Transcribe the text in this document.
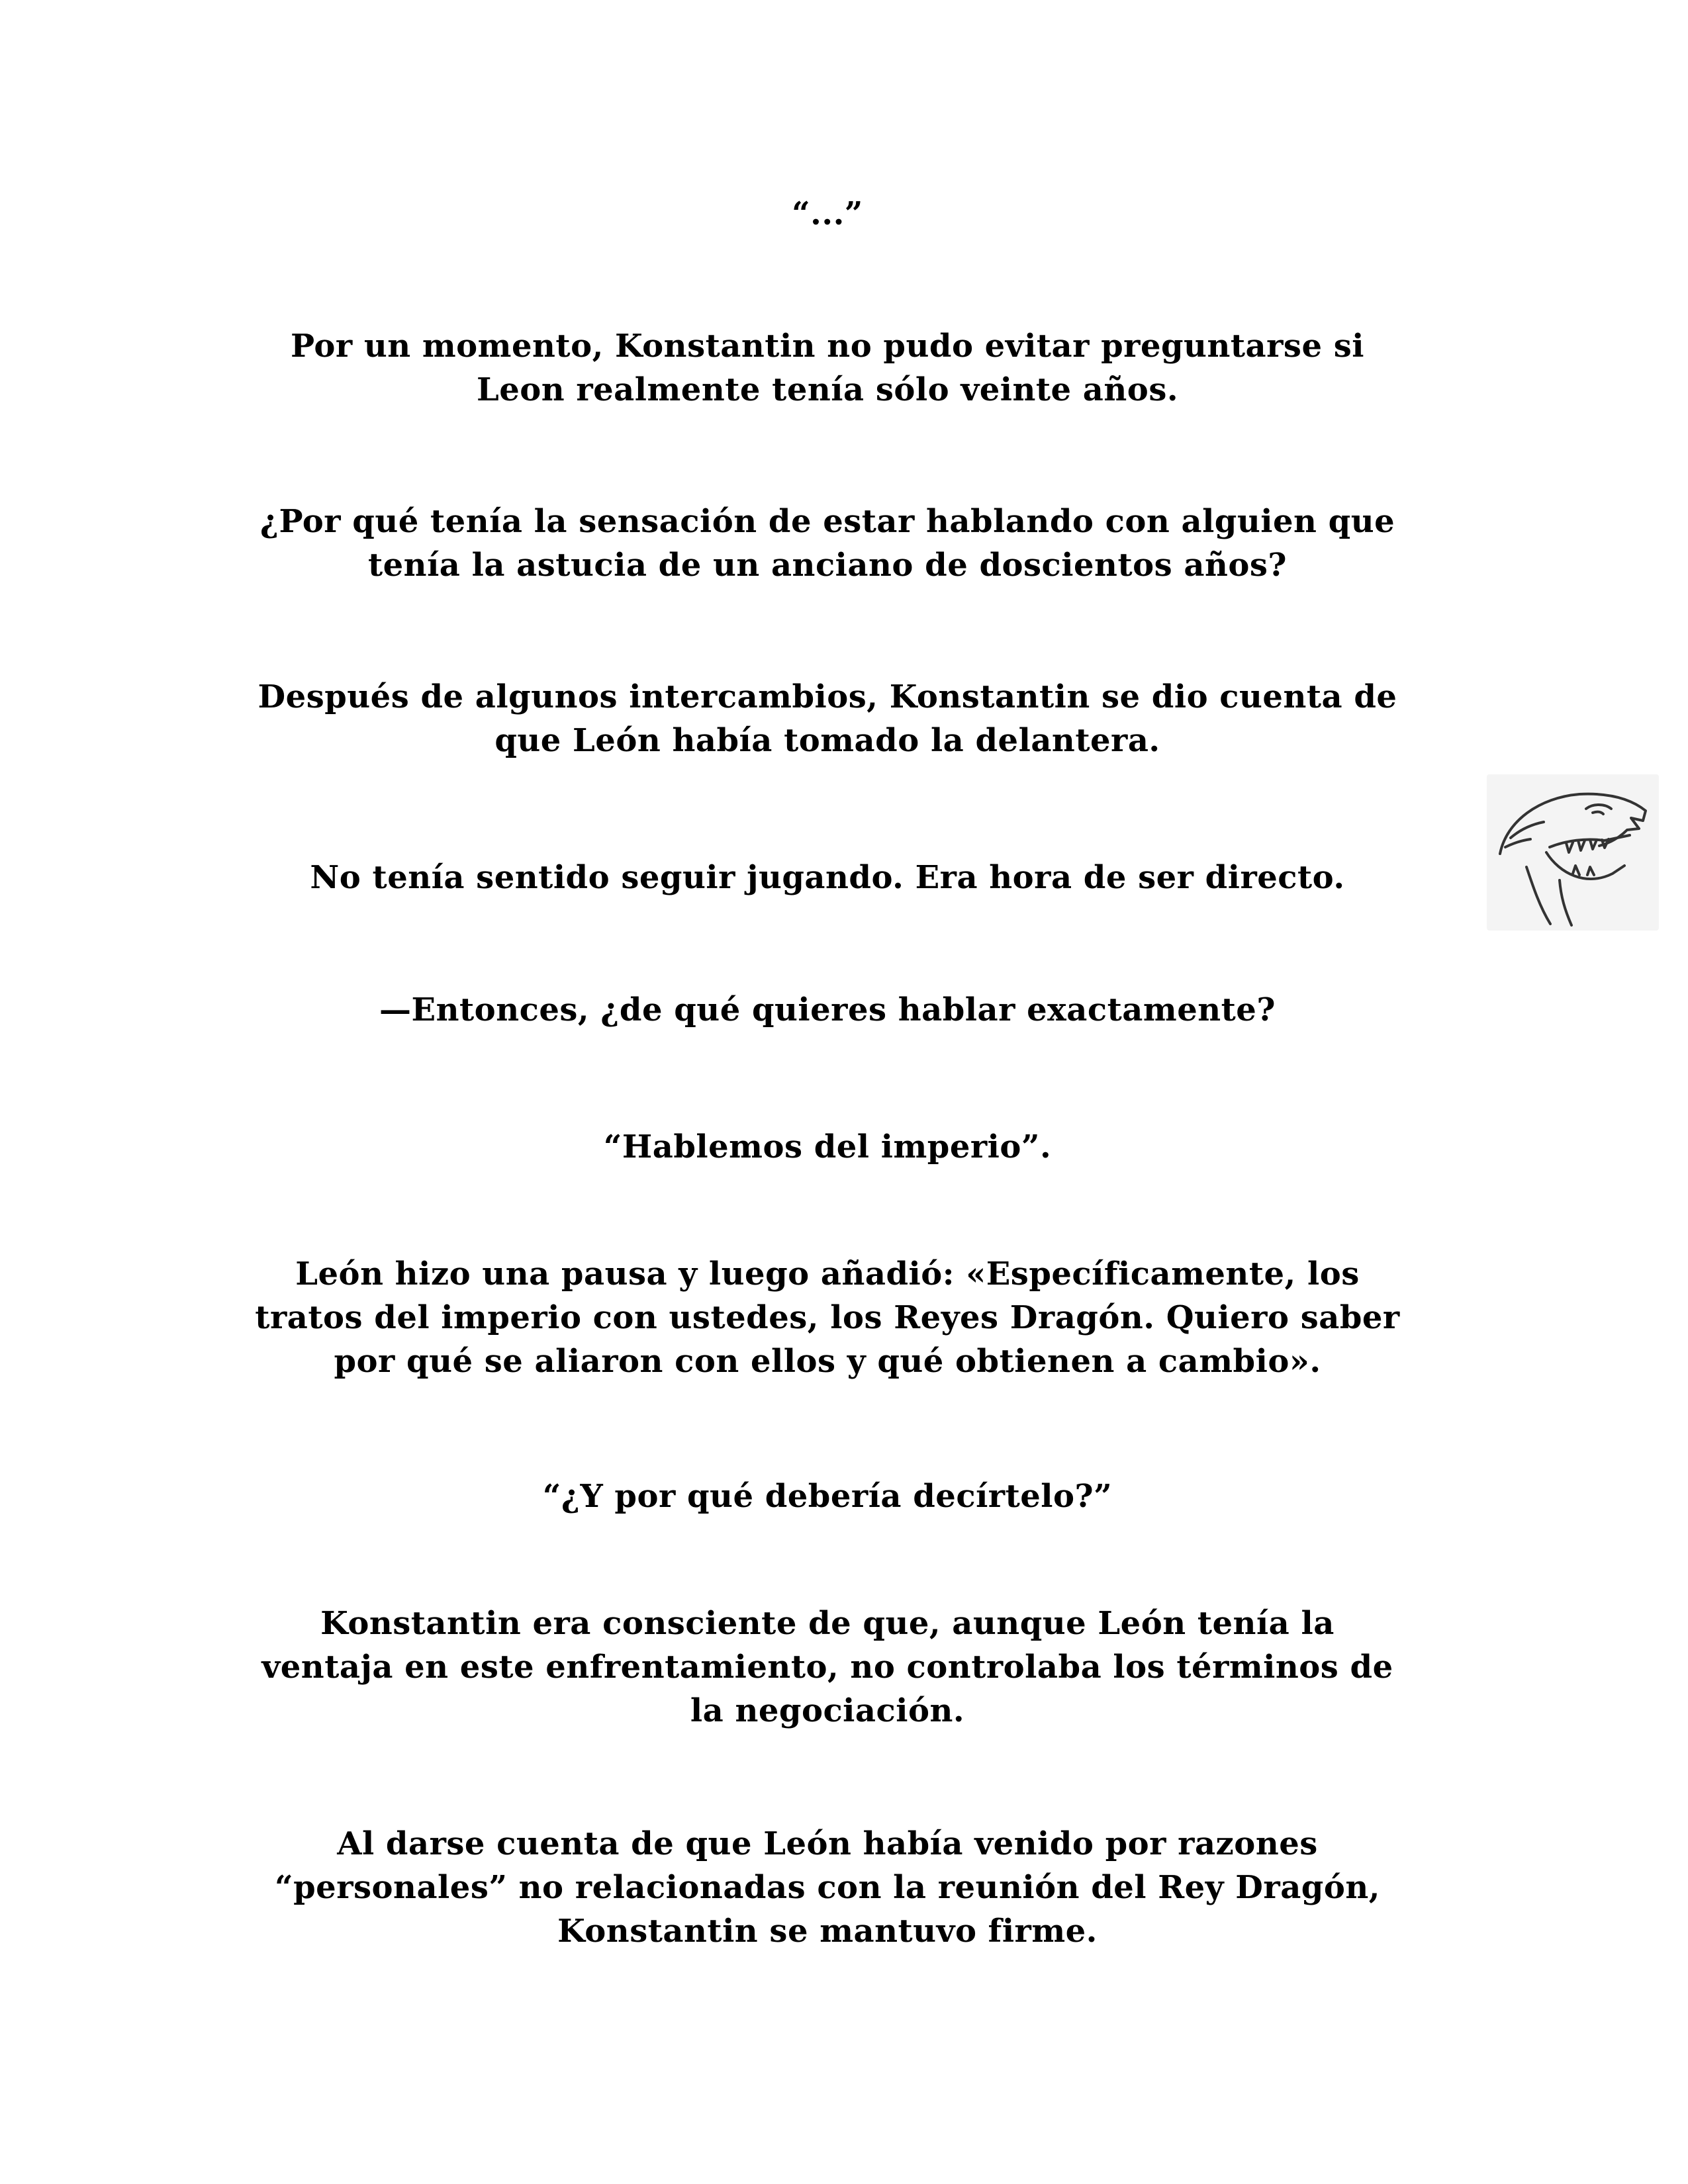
“...”

Por un momento, Konstantin no pudo evitar preguntarse si
Leon realmente tenía sólo veinte años.

¿Por qué tenía la sensación de estar hablando con alguien que
tenía la astucia de un anciano de doscientos años?

Después de algunos intercambios, Konstantin se dio cuenta de
que León había tomado la delantera.

No tenía sentido seguir jugando. Era hora de ser directo.

—Entonces, ¿de qué quieres hablar exactamente?

“Hablemos del imperio”.

León hizo una pausa y luego añadió: «Específicamente, los
tratos del imperio con ustedes, los Reyes Dragón. Quiero saber
por qué se aliaron con ellos y qué obtienen a cambio».

“¿Y por qué debería decírtelo?”

Konstantin era consciente de que, aunque León tenía la
ventaja en este enfrentamiento, no controlaba los términos de
la negociación.

Al darse cuenta de que León había venido por razones
“personales” no relacionadas con la reunión del Rey Dragón,
Konstantin se mantuvo firme.
